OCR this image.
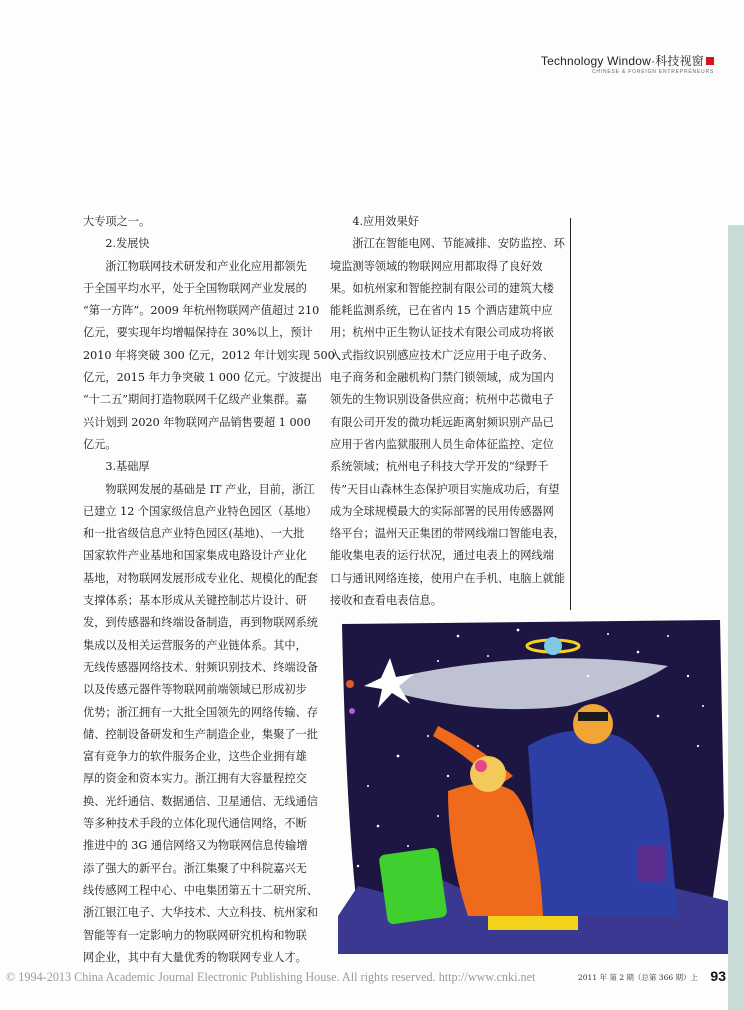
Technology Window·科技视窗
CHINESE & FOREIGN ENTREPRENEURS
大专项之一。
　　2.发展快
　　浙江物联网技术研发和产业化应用都领先
于全国平均水平，处于全国物联网产业发展的
“第一方阵”。2009 年杭州物联网产值超过 210
亿元，要实现年均增幅保持在 30%以上，预计
2010 年将突破 300 亿元，2012 年计划实现 500
亿元，2015 年力争突破 1 000 亿元。宁波提出
“十二五”期间打造物联网千亿级产业集群。嘉
兴计划到 2020 年物联网产品销售要超 1 000
亿元。
　　3.基础厚
　　物联网发展的基础是 IT 产业，目前，浙江
已建立 12 个国家级信息产业特色园区（基地）
和一批省级信息产业特色园区(基地)、一大批
国家软件产业基地和国家集成电路设计产业化
基地，对物联网发展形成专业化、规模化的配套
支撑体系；基本形成从关键控制芯片设计、研
发，到传感器和终端设备制造，再到物联网系统
集成以及相关运营服务的产业链体系。其中，
无线传感器网络技术、射频识别技术、终端设备
以及传感元器件等物联网前端领域已形成初步
优势；浙江拥有一大批全国领先的网络传输、存
储、控制设备研发和生产制造企业，集聚了一批
富有竞争力的软件服务企业，这些企业拥有雄
厚的资金和资本实力。浙江拥有大容量程控交
换、光纤通信、数据通信、卫星通信、无线通信
等多种技术手段的立体化现代通信网络，不断
推进中的 3G 通信网络又为物联网信息传输增
添了强大的新平台。浙江集聚了中科院嘉兴无
线传感网工程中心、中电集团第五十二研究所、
浙江银江电子、大华技术、大立科技、杭州家和
智能等有一定影响力的物联网研究机构和物联
网企业，其中有大量优秀的物联网专业人才。
　　4.应用效果好
　　浙江在智能电网、节能减排、安防监控、环
境监测等领域的物联网应用都取得了良好效
果。如杭州家和智能控制有限公司的建筑大楼
能耗监测系统，已在省内 15 个酒店建筑中应
用；杭州中正生物认证技术有限公司成功将嵌
入式指纹识别感应技术广泛应用于电子政务、
电子商务和金融机构门禁门锁领域，成为国内
领先的生物识别设备供应商；杭州中芯微电子
有限公司开发的微功耗远距离射频识别产品已
应用于省内监狱服刑人员生命体征监控、定位
系统领域；杭州电子科技大学开发的“绿野千
传”天目山森林生态保护项目实施成功后，有望
成为全球规模最大的实际部署的民用传感器网
络平台；温州天正集团的带网线端口智能电表，
能收集电表的运行状况，通过电表上的网线端
口与通讯网络连接，使用户在手机、电脑上就能
接收和查看电表信息。
© 1994-2013 China Academic Journal Electronic Publishing House. All rights reserved. http://www.cnki.net	2011 年 第 2 期（总第 366 期）上 93
